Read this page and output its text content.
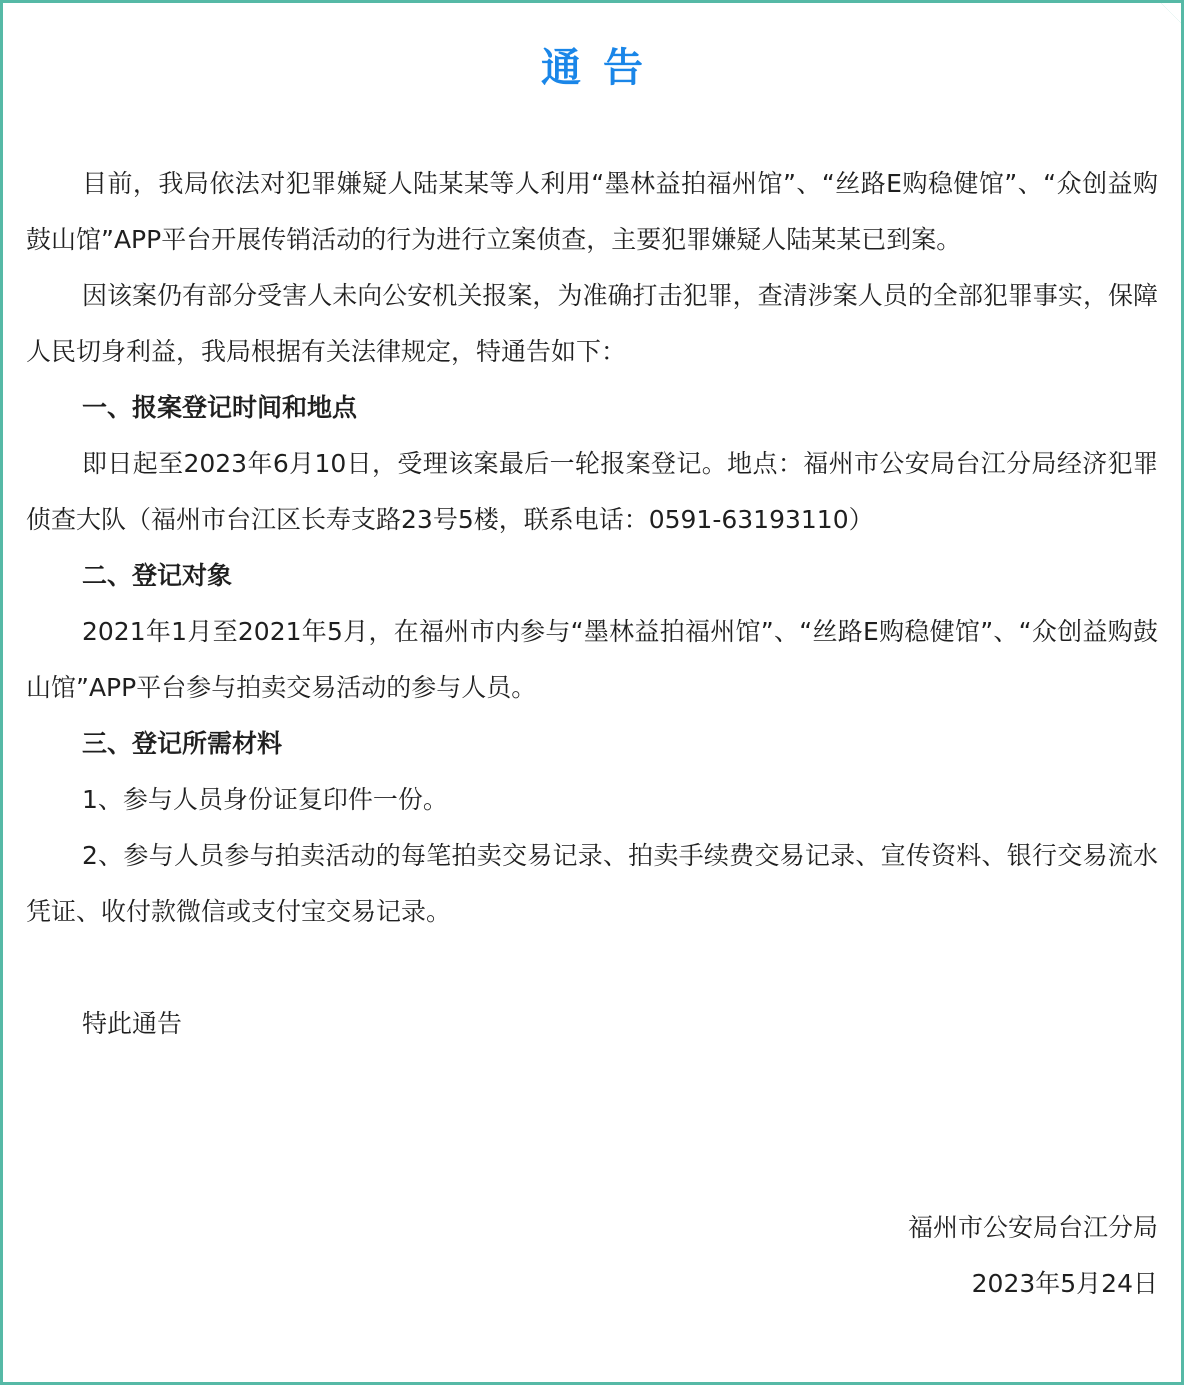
通告

目前，我局依法对犯罪嫌疑人陆某某等人利用“墨林益拍福州馆”、“丝路E购稳健馆”、“众创益购鼓山馆”APP平台开展传销活动的行为进行立案侦查，主要犯罪嫌疑人陆某某已到案。

因该案仍有部分受害人未向公安机关报案，为准确打击犯罪，查清涉案人员的全部犯罪事实，保障人民切身利益，我局根据有关法律规定，特通告如下：

一、报案登记时间和地点

即日起至2023年6月10日，受理该案最后一轮报案登记。地点：福州市公安局台江分局经济犯罪侦查大队（福州市台江区长寿支路23号5楼，联系电话：0591-63193110）

二、登记对象

2021年1月至2021年5月，在福州市内参与“墨林益拍福州馆”、“丝路E购稳健馆”、“众创益购鼓山馆”APP平台参与拍卖交易活动的参与人员。

三、登记所需材料

1、参与人员身份证复印件一份。

2、参与人员参与拍卖活动的每笔拍卖交易记录、拍卖手续费交易记录、宣传资料、银行交易流水凭证、收付款微信或支付宝交易记录。

特此通告

福州市公安局台江分局
2023年5月24日
